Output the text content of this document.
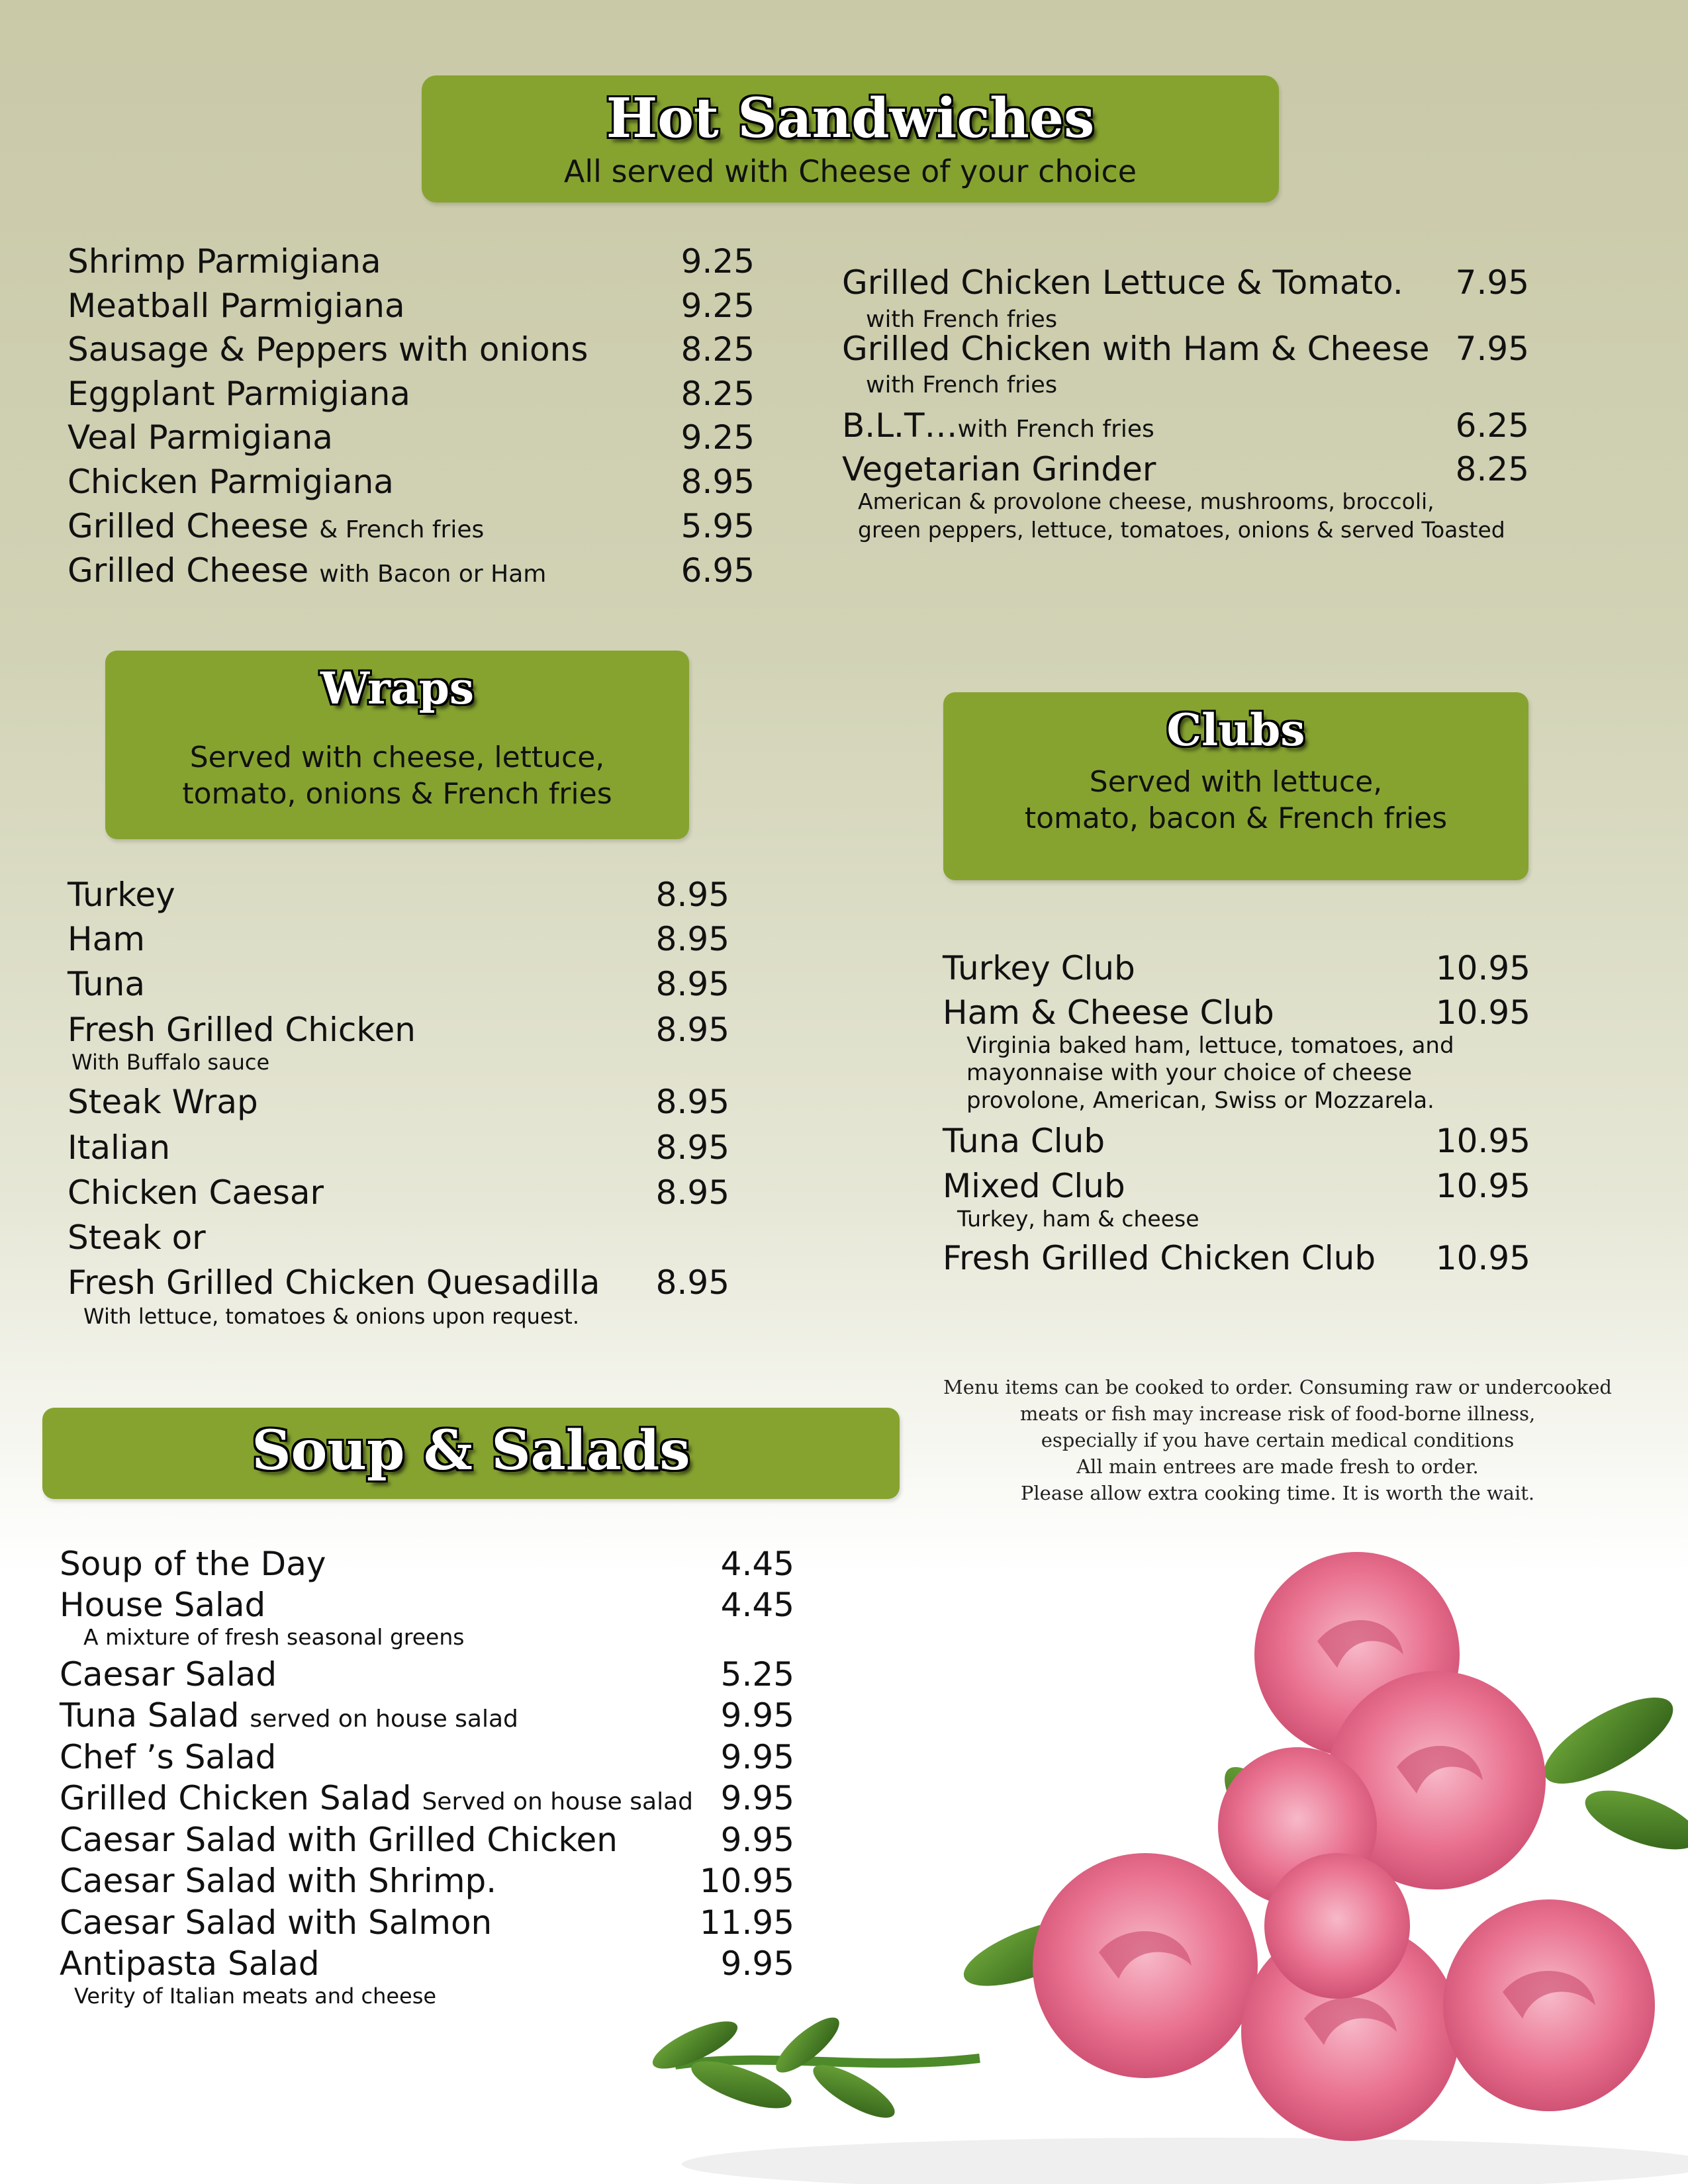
Hot Sandwiches
All served with Cheese of your choice
Shrimp Parmigiana	9.25
Meatball Parmigiana	9.25
Sausage & Peppers with onions	8.25
Eggplant Parmigiana	8.25
Veal Parmigiana	9.25
Chicken Parmigiana	8.95
Grilled Cheese & French fries	5.95
Grilled Cheese with Bacon or Ham	6.95
Grilled Chicken Lettuce & Tomato.	7.95
with French fries
Grilled Chicken with Ham & Cheese 7.95
with French fries
B.L.T…with French fries	6.25
Vegetarian Grinder	8.25
American & provolone cheese, mushrooms, broccoli,
green peppers, lettuce, tomatoes, onions & served Toasted
Wraps
Served with cheese, lettuce,
tomato, onions & French fries
Turkey	8.95
Ham	8.95
Tuna	8.95
Fresh Grilled Chicken	8.95
With Buffalo sauce
Steak Wrap	8.95
Italian	8.95
Chicken Caesar	8.95
Steak or
Fresh Grilled Chicken Quesadilla	8.95
With lettuce, tomatoes & onions upon request.
Clubs
Served with lettuce,
tomato, bacon & French fries
Turkey Club	10.95
Ham & Cheese Club	10.95
Virginia baked ham, lettuce, tomatoes, and
mayonnaise with your choice of cheese
provolone, American, Swiss or Mozzarela.
Tuna Club	10.95
Mixed Club	10.95
Turkey, ham & cheese
Fresh Grilled Chicken Club	10.95
Menu items can be cooked to order. Consuming raw or undercooked
meats or fish may increase risk of food-borne illness,
especially if you have certain medical conditions
All main entrees are made fresh to order.
Please allow extra cooking time. It is worth the wait.
Soup & Salads
Soup of the Day	4.45
House Salad	4.45
A mixture of fresh seasonal greens
Caesar Salad	5.25
Tuna Salad served on house salad	9.95
Chef ’s Salad	9.95
Grilled Chicken Salad Served on house salad 9.95
Caesar Salad with Grilled Chicken	9.95
Caesar Salad with Shrimp.	10.95
Caesar Salad with Salmon	11.95
Antipasta Salad	9.95
Verity of Italian meats and cheese
